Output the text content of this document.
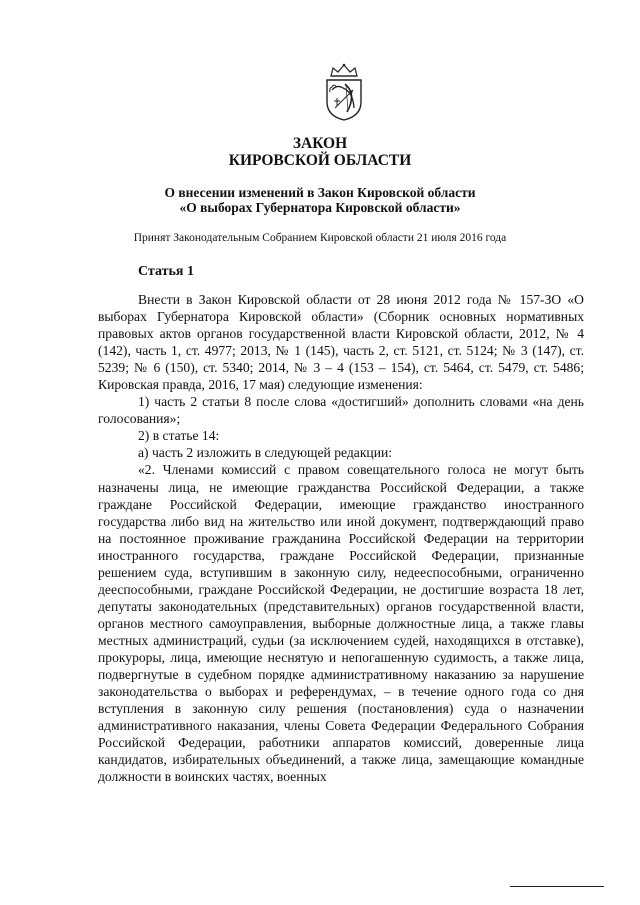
ЗАКОН
КИРОВСКОЙ ОБЛАСТИ
О внесении изменений в Закон Кировской области
«О выборах Губернатора Кировской области»
Принят Законодательным Собранием Кировской области 21 июля 2016 года
Статья 1

Внести в Закон Кировской области от 28 июня 2012 года № 157-ЗО «О выборах Губернатора Кировской области» (Сборник основных нормативных правовых актов органов государственной власти Кировской области, 2012, № 4 (142), часть 1, ст. 4977; 2013, № 1 (145), часть 2, ст. 5121, ст. 5124; № 3 (147), ст. 5239; № 6 (150), ст. 5340; 2014, № 3 – 4 (153 – 154), ст. 5464, ст. 5479, ст. 5486; Кировская правда, 2016, 17 мая) следующие изменения:

1) часть 2 статьи 8 после слова «достигший» дополнить словами «на день голосования»;

2) в статье 14:

а) часть 2 изложить в следующей редакции:

«2. Членами комиссий с правом совещательного голоса не могут быть назначены лица, не имеющие гражданства Российской Федерации, а также граждане Российской Федерации, имеющие гражданство иностранного государства либо вид на жительство или иной документ, подтверждающий право на постоянное проживание гражданина Российской Федерации на территории иностранного государства, граждане Российской Федерации, признанные решением суда, вступившим в законную силу, недееспособными, ограниченно дееспособными, граждане Российской Федерации, не достигшие возраста 18 лет, депутаты законодательных (представительных) органов государственной власти, органов местного самоуправления, выборные должностные лица, а также главы местных администраций, судьи (за исключением судей, находящихся в отставке), прокуроры, лица, имеющие неснятую и непогашенную судимость, а также лица, подвергнутые в судебном порядке административному наказанию за нарушение законодательства о выборах и референдумах, – в течение одного года со дня вступления в законную силу решения (постановления) суда о назначении административного наказания, члены Совета Федерации Федерального Собрания Российской Федерации, работники аппаратов комиссий, доверенные лица кандидатов, избирательных объединений, а также лица, замещающие командные должности в воинских частях, военных
